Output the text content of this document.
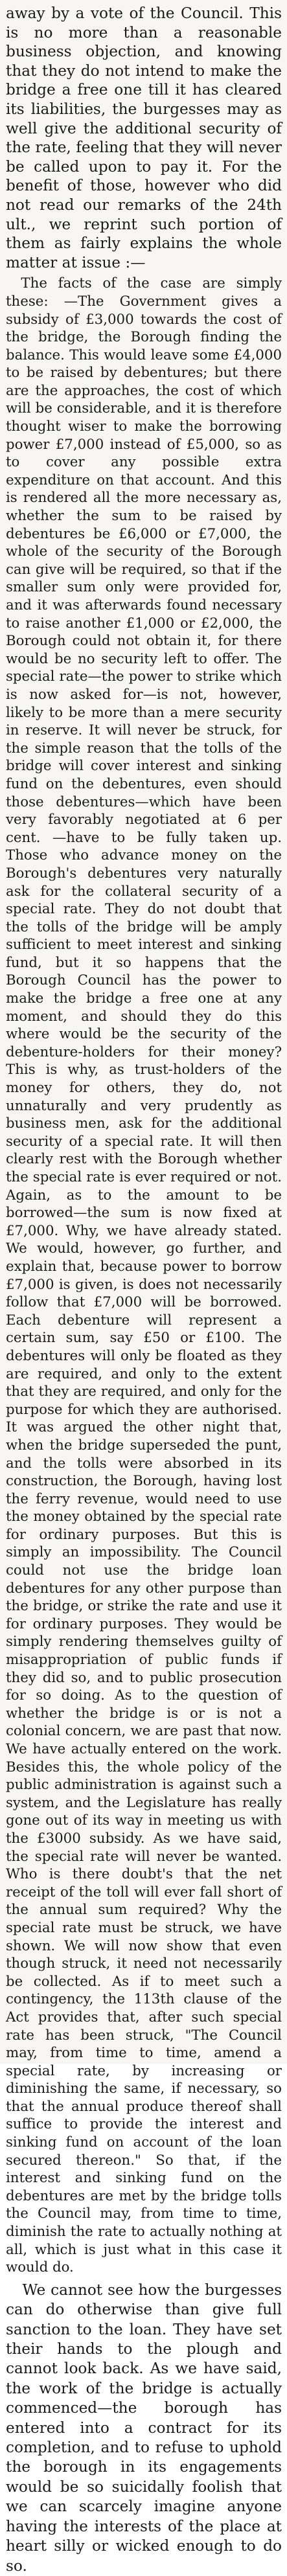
away by a vote of the Council. This is no more than a reasonable business objection, and knowing that they do not intend to make the bridge a free one till it has cleared its liabilities, the burgesses may as well give the additional security of the rate, feeling that they will never be called upon to pay it. For the benefit of those, however who did not read our remarks of the 24th ult., we reprint such portion of them as fairly explains the whole matter at issue :—

The facts of the case are simply these: —The Government gives a subsidy of £3,000 towards the cost of the bridge, the Borough finding the balance. This would leave some £4,000 to be raised by debentures; but there are the approaches, the cost of which will be considerable, and it is therefore thought wiser to make the borrowing power £7,000 instead of £5,000, so as to cover any possible extra expenditure on that account. And this is rendered all the more necessary as, whether the sum to be raised by debentures be £6,000 or £7,000, the whole of the security of the Borough can give will be required, so that if the smaller sum only were provided for, and it was afterwards found necessary to raise another £1,000 or £2,000, the Borough could not obtain it, for there would be no security left to offer. The special rate—the power to strike which is now asked for—is not, however, likely to be more than a mere security in reserve. It will never be struck, for the simple reason that the tolls of the bridge will cover interest and sinking fund on the debentures, even should those debentures—which have been very favorably negotiated at 6 per cent. —have to be fully taken up. Those who advance money on the Borough's debentures very naturally ask for the collateral security of a special rate. They do not doubt that the tolls of the bridge will be amply sufficient to meet interest and sinking fund, but it so happens that the Borough Council has the power to make the bridge a free one at any moment, and should they do this where would be the security of the debenture-holders for their money? This is why, as trust-holders of the money for others, they do, not unnaturally and very prudently as business men, ask for the additional security of a special rate. It will then clearly rest with the Borough whether the special rate is ever required or not. Again, as to the amount to be borrowed—the sum is now fixed at £7,000. Why, we have already stated. We would, however, go further, and explain that, because power to borrow £7,000 is given, is does not necessarily follow that £7,000 will be borrowed. Each debenture will represent a certain sum, say £50 or £100. The debentures will only be floated as they are required, and only to the extent that they are required, and only for the purpose for which they are authorised. It was argued the other night that, when the bridge superseded the punt, and the tolls were absorbed in its construction, the Borough, having lost the ferry revenue, would need to use the money obtained by the special rate for ordinary purposes. But this is simply an impossibility. The Council could not use the bridge loan debentures for any other purpose than the bridge, or strike the rate and use it for ordinary purposes. They would be simply rendering themselves guilty of misappropriation of public funds if they did so, and to public prosecution for so doing. As to the question of whether the bridge is or is not a colonial concern, we are past that now. We have actually entered on the work. Besides this, the whole policy of the public administration is against such a system, and the Legislature has really gone out of its way in meeting us with the £3000 subsidy. As we have said, the special rate will never be wanted. Who is there doubt's that the net receipt of the toll will ever fall short of the annual sum required? Why the special rate must be struck, we have shown. We will now show that even though struck, it need not necessarily be collected. As if to meet such a contingency, the 113th clause of the Act provides that, after such special rate has been struck, "The Council may, from time to time, amend a special rate, by increasing or diminishing the same, if necessary, so that the annual produce thereof shall suffice to provide the interest and sinking fund on account of the loan secured thereon." So that, if the interest and sinking fund on the debentures are met by the bridge tolls the Council may, from time to time, diminish the rate to actually nothing at all, which is just what in this case it would do.

We cannot see how the burgesses can do otherwise than give full sanction to the loan. They have set their hands to the plough and cannot look back. As we have said, the work of the bridge is actually commenced—the borough has entered into a contract for its completion, and to refuse to uphold the borough in its engagements would be so suicidally foolish that we can scarcely imagine anyone having the interests of the place at heart silly or wicked enough to do so.
